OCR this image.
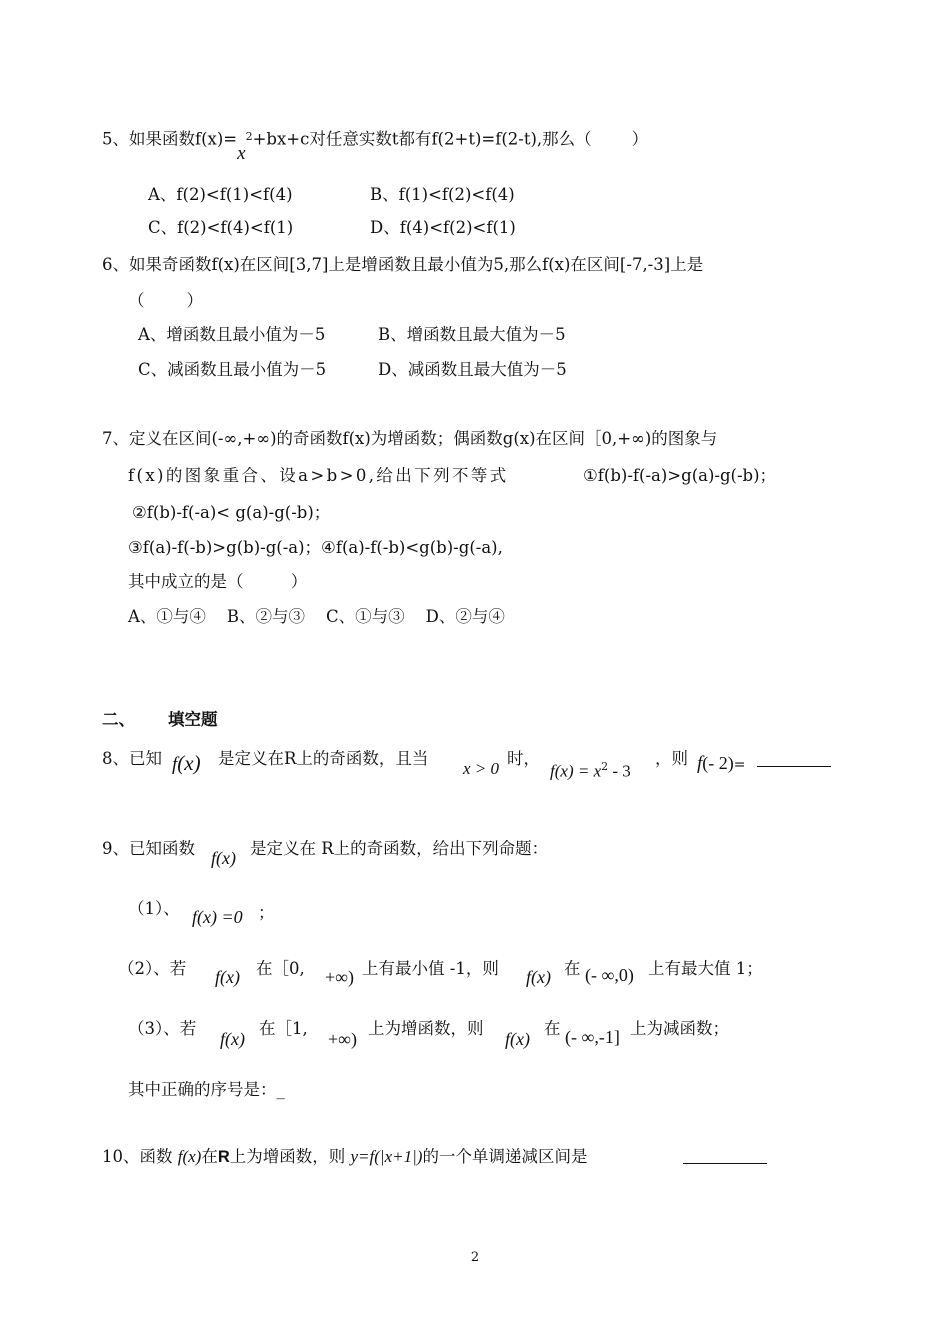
5、如果函数$f(x)=x^2+bx+c$对任意实数t都有f(2+t)=f(2-t),那么（ ）
A、f(2)<f(1)<f(4)	B、f(1)<f(2)<f(4)
C、f(2)<f(4)<f(1)	D、f(4)<f(2)<f(1)
6、如果奇函数f(x)在区间[3,7]上是增函数且最小值为5,那么f(x)在区间[-7,-3]上是
（        ）
A、增函数且最小值为－5	B、增函数且最大值为－5
C、减函数且最小值为－5	D、减函数且最大值为－5
7、定义在区间(-∞,+∞)的奇函数f(x)为增函数；偶函数g(x)在区间［0,+∞)的图象与
f(x)的图象重合、设a>b>0,给出下列不等式	①f(b)-f(-a)>g(a)-g(-b)；
②f(b)-f(-a)< g(a)-g(-b)；
③f(a)-f(-b)>g(b)-g(-a)；④f(a)-f(-b)<g(b)-g(-a),
其中成立的是（         ）
A、①与④    B、②与③    C、①与③    D、②与④
二、 填空题
8、已知 f(x) 是定义在R上的奇函数，且当
x > 0
时，
$f(x) = x^2 - 3$
，则 f(- 2)=
9、已知函数 f(x) 是定义在 R上的奇函数，给出下列命题：
（1）、 f(x) =0 ；
（2）、若 f(x) 在［0, +∞) 上有最小值 -1，则 f(x) 在 (- ∞,0) 上有最大值 1；
（3）、若
f(x)
在［1,
+∞)
上为增函数，则
f(x)
在 (- ∞,-1] 上为减函数；
其中正确的序号是：_
10、函数 f(x)在R上为增函数，则 y=f(|x+1|)的一个单调递减区间是
2
